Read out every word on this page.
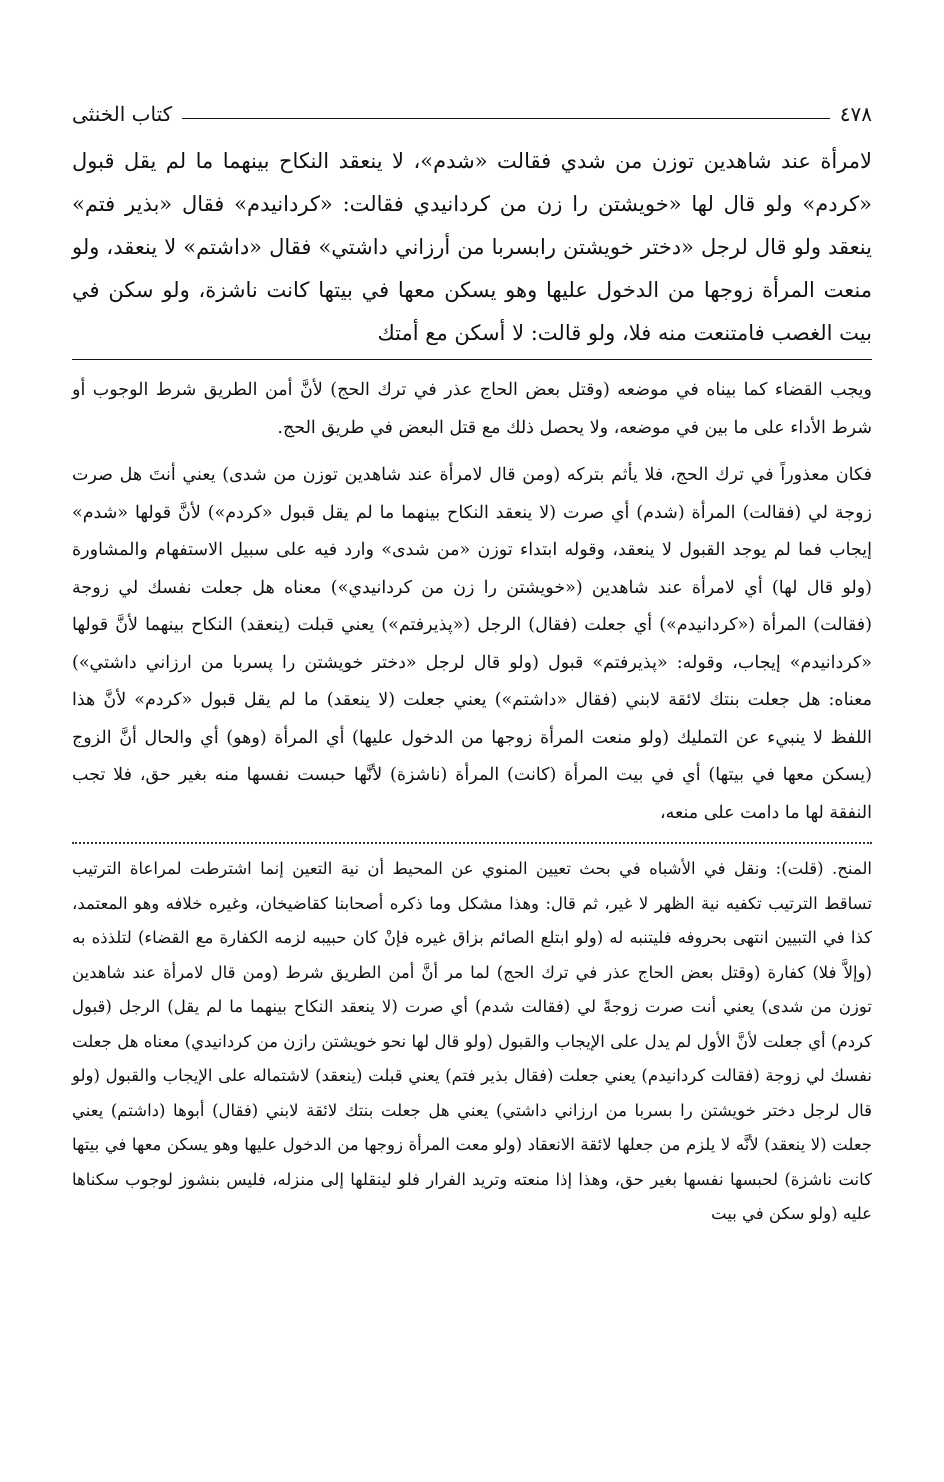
٤٧٨
كتاب الخنثى

لامرأة عند شاهدين توزن من شدي فقالت «شدم»، لا ينعقد النكاح بينهما ما لم يقل قبول «كردم» ولو قال لها «خويشتن را زن من كردانيدي فقالت: «كردانيدم» فقال «بذير فتم» ينعقد ولو قال لرجل «دختر خويشتن رابسربا من أرزاني داشتي» فقال «داشتم» لا ينعقد، ولو منعت المرأة زوجها من الدخول عليها وهو يسكن معها في بيتها كانت ناشزة، ولو سكن في بيت الغصب فامتنعت منه فلا، ولو قالت: لا أسكن مع أمتك

ويجب القضاء كما بيناه في موضعه (وقتل بعض الحاج عذر في ترك الحج) لأنَّ أمن الطريق شرط الوجوب أو شرط الأداء على ما بين في موضعه، ولا يحصل ذلك مع قتل البعض في طريق الحج.

فكان معذوراً في ترك الحج، فلا يأثم بتركه (ومن قال لامرأة عند شاهدين توزن من شدى) يعني أنتَ هل صرت زوجة لي (فقالت) المرأة (شدم) أي صرت (لا ينعقد النكاح بينهما ما لم يقل قبول «كردم») لأنَّ قولها «شدم» إيجاب فما لم يوجد القبول لا ينعقد، وقوله ابتداء توزن «من شدى» وارد فيه على سبيل الاستفهام والمشاورة (ولو قال لها) أي لامرأة عند شاهدين («خويشتن را زن من كردانيدي») معناه هل جعلت نفسك لي زوجة (فقالت) المرأة («كردانيدم») أي جعلت (فقال) الرجل («پذيرفتم») يعني قبلت (ينعقد) النكاح بينهما لأنَّ قولها «كردانيدم» إيجاب، وقوله: «پذيرفتم» قبول (ولو قال لرجل «دختر خويشتن را پسربا من ارزاني داشتي») معناه: هل جعلت بنتك لائقة لابني (فقال «داشتم») يعني جعلت (لا ينعقد) ما لم يقل قبول «كردم» لأنَّ هذا اللفظ لا ينبيء عن التمليك (ولو منعت المرأة زوجها من الدخول عليها) أي المرأة (وهو) أي والحال أنَّ الزوج (يسكن معها في بيتها) أي في بيت المرأة (كانت) المرأة (ناشزة) لأنَّها حبست نفسها منه بغير حق، فلا تجب النفقة لها ما دامت على منعه،

المنح. (قلت): ونقل في الأشباه في بحث تعيين المنوي عن المحيط أن نية التعين إنما اشترطت لمراعاة الترتيب تساقط الترتيب تكفيه نية الظهر لا غير، ثم قال: وهذا مشكل وما ذكره أصحابنا كقاضيخان، وغيره خلافه وهو المعتمد، كذا في التبيين انتهى بحروفه فليتنبه له (ولو ابتلع الصائم بزاق غيره فإنْ كان حبيبه لزمه الكفارة مع القضاء) لتلذذه به (وإلاَّ فلا) كفارة (وقتل بعض الحاج عذر في ترك الحج) لما مر أنَّ أمن الطريق شرط (ومن قال لامرأة عند شاهدين توزن من شدى) يعني أنت صرت زوجةً لي (فقالت شدم) أي صرت (لا ينعقد النكاح بينهما ما لم يقل) الرجل (قبول كردم) أي جعلت لأنَّ الأول لم يدل على الإيجاب والقبول (ولو قال لها نحو خويشتن رازن من كردانيدي) معناه هل جعلت نفسك لي زوجة (فقالت كردانيدم) يعني جعلت (فقال بذير فتم) يعني قبلت (ينعقد) لاشتماله على الإيجاب والقبول (ولو قال لرجل دختر خويشتن را بسربا من ارزاني داشتي) يعني هل جعلت بنتك لائقة لابني (فقال) أبوها (داشتم) يعني جعلت (لا ينعقد) لأنَّه لا يلزم من جعلها لائقة الانعقاد (ولو معت المرأة زوجها من الدخول عليها وهو يسكن معها في بيتها كانت ناشزة) لحبسها نفسها بغير حق، وهذا إذا منعته وتريد الفرار فلو لينقلها إلى منزله، فليس بنشوز لوجوب سكناها عليه (ولو سكن في بيت
